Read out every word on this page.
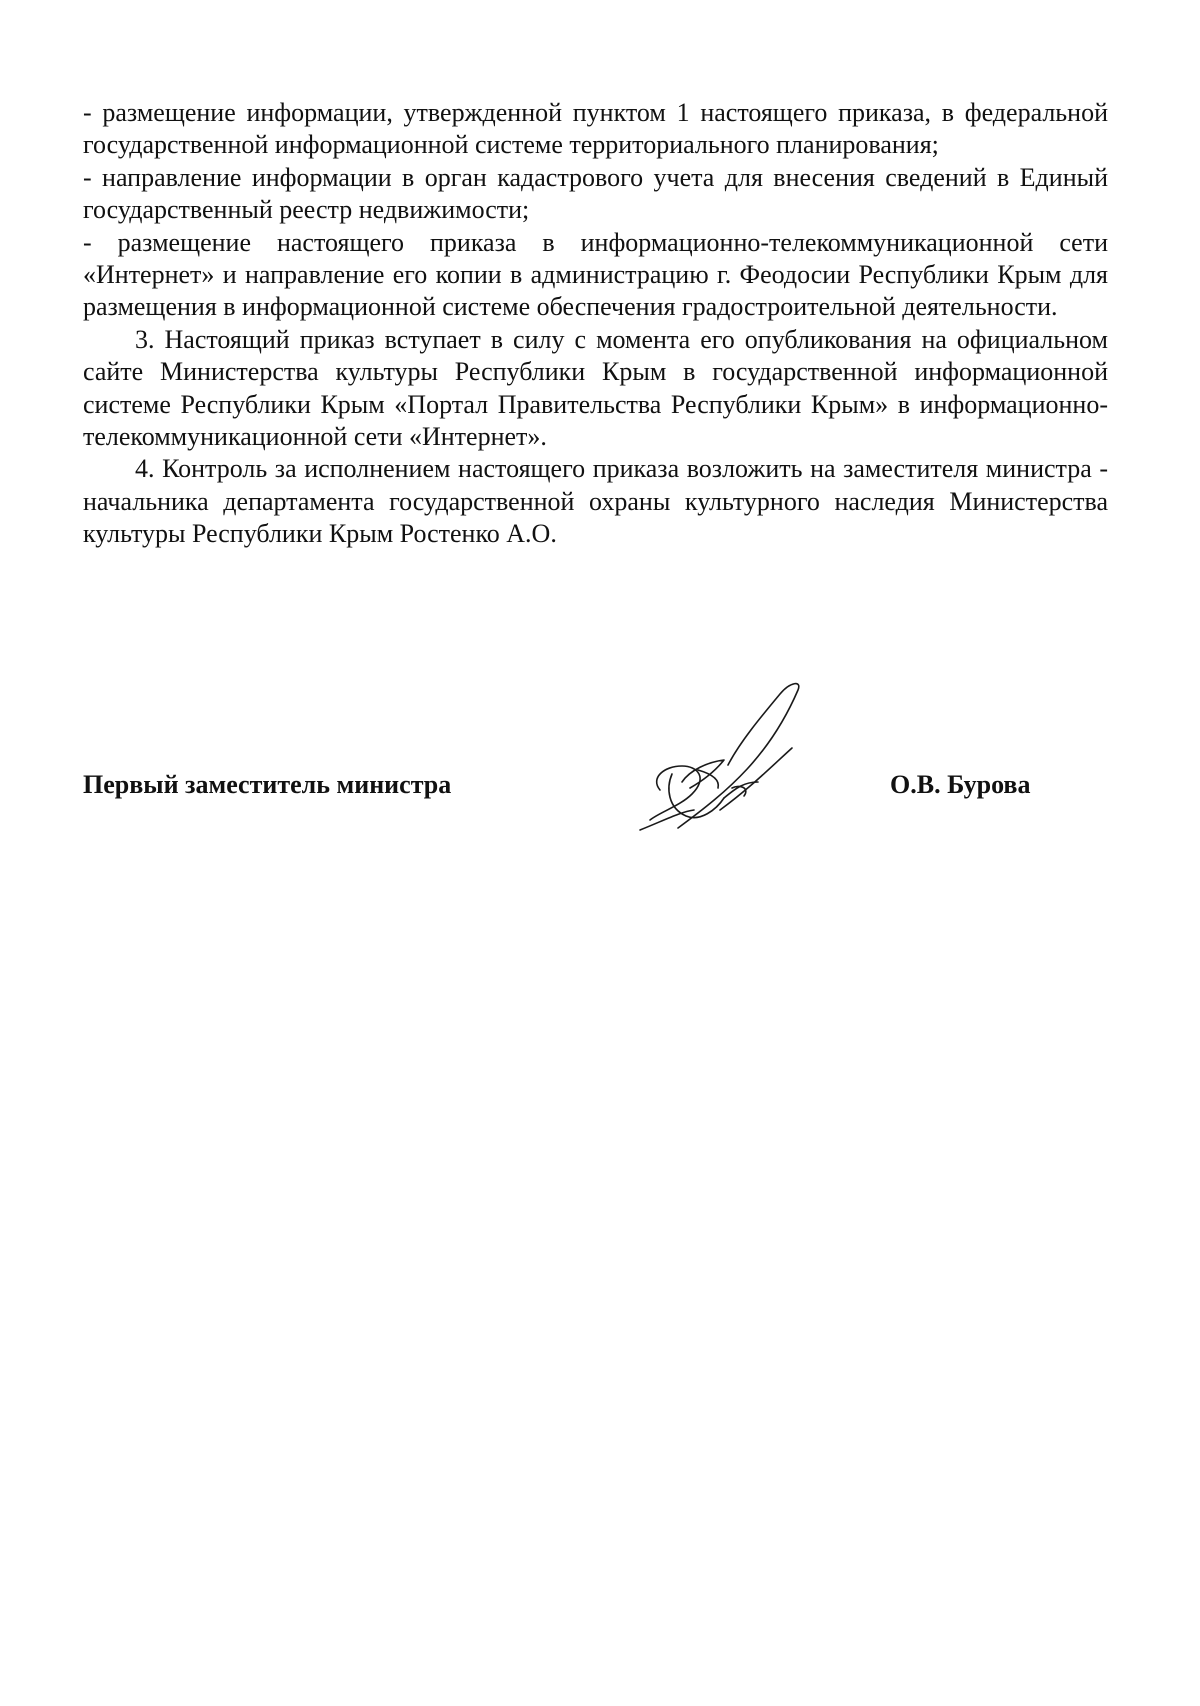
- размещение информации, утвержденной пунктом 1 настоящего приказа, в федеральной государственной информационной системе территориального планирования;

- направление информации в орган кадастрового учета для внесения сведений в Единый государственный реестр недвижимости;

- размещение настоящего приказа в информационно-телекоммуникационной сети «Интернет» и направление его копии в администрацию г. Феодосии Республики Крым для размещения в информационной системе обеспечения градостроительной деятельности.

3. Настоящий приказ вступает в силу с момента его опубликования на официальном сайте Министерства культуры Республики Крым в государственной информационной системе Республики Крым «Портал Правительства Республики Крым» в информационно-телекоммуникационной сети «Интернет».

4. Контроль за исполнением настоящего приказа возложить на заместителя министра - начальника департамента государственной охраны культурного наследия Министерства культуры Республики Крым Ростенко А.О.

Первый заместитель министра	О.В. Бурова
